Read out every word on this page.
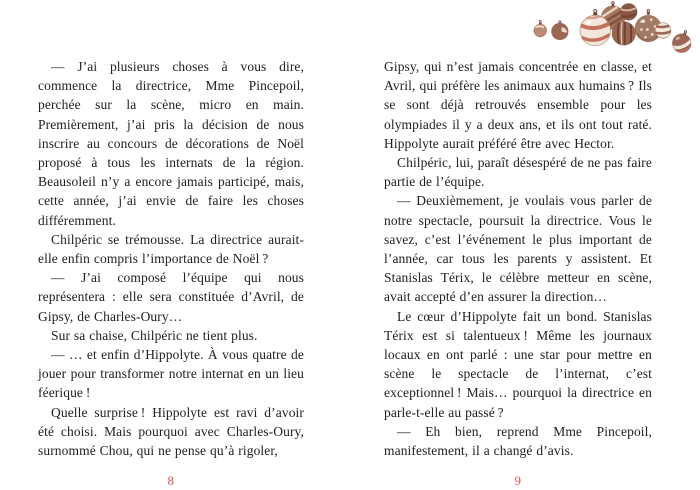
— J’ai plusieurs choses à vous dire, commence la directrice, Mme Pincepoil, perchée sur la scène, micro en main. Premièrement, j’ai pris la décision de nous inscrire au concours de décorations de Noël proposé à tous les internats de la région. Beausoleil n’y a encore jamais participé, mais, cette année, j’ai envie de faire les choses différemment.

Chilpéric se trémousse. La directrice aurait-elle enfin compris l’importance de Noël ?

— J’ai composé l’équipe qui nous représentera : elle sera constituée d’Avril, de Gipsy, de Charles-Oury…

Sur sa chaise, Chilpéric ne tient plus.

— … et enfin d’Hippolyte. À vous quatre de jouer pour transformer notre internat en un lieu féerique !

Quelle surprise ! Hippolyte est ravi d’avoir été choisi. Mais pourquoi avec Charles-Oury, surnommé Chou, qui ne pense qu’à rigoler,

8

Gipsy, qui n’est jamais concentrée en classe, et Avril, qui préfère les animaux aux humains ? Ils se sont déjà retrouvés ensemble pour les olympiades il y a deux ans, et ils ont tout raté. Hippolyte aurait préféré être avec Hector.

Chilpéric, lui, paraît désespéré de ne pas faire partie de l’équipe.

— Deuxièmement, je voulais vous parler de notre spectacle, poursuit la directrice. Vous le savez, c’est l’événement le plus important de l’année, car tous les parents y assistent. Et Stanislas Térix, le célèbre metteur en scène, avait accepté d’en assurer la direction…

Le cœur d’Hippolyte fait un bond. Stanislas Térix est si talentueux ! Même les journaux locaux en ont parlé : une star pour mettre en scène le spectacle de l’internat, c’est exceptionnel ! Mais… pourquoi la directrice en parle-t-elle au passé ?

— Eh bien, reprend Mme Pincepoil, manifestement, il a changé d’avis.

9
